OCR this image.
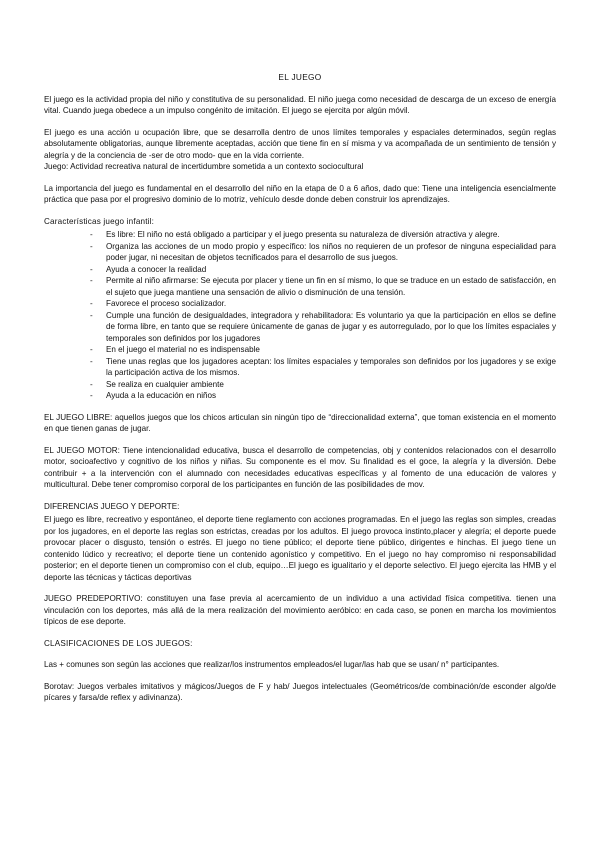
EL JUEGO

El juego es la actividad propia del niño y constitutiva de su personalidad. El niño juega como necesidad de descarga de un exceso de energía vital. Cuando juega obedece a un impulso congénito de imitación. El juego se ejercita por algún móvil.

El juego es una acción u ocupación libre, que se desarrolla dentro de unos límites temporales y espaciales determinados, según reglas absolutamente obligatorias, aunque libremente aceptadas, acción que tiene fin en sí misma y va acompañada de un sentimiento de tensión y alegría y de la conciencia de -ser de otro modo- que en la vida corriente.

Juego: Actividad recreativa natural de incertidumbre sometida a un contexto sociocultural

La importancia del juego es fundamental en el desarrollo del niño en la etapa de 0 a 6 años, dado que: Tiene una inteligencia esencialmente práctica que pasa por el progresivo dominio de lo motriz, vehículo desde donde deben construir los aprendizajes.

Características juego infantil:
- Es libre: El niño no está obligado a participar y el juego presenta su naturaleza de diversión atractiva y alegre.
- Organiza las acciones de un modo propio y específico: los niños no requieren de un profesor de ninguna especialidad para poder jugar, ni necesitan de objetos tecnificados para el desarrollo de sus juegos.
- Ayuda a conocer la realidad
- Permite al niño afirmarse: Se ejecuta por placer y tiene un fin en sí mismo, lo que se traduce en un estado de satisfacción, en el sujeto que juega mantiene una sensación de alivio o disminución de una tensión.
- Favorece el proceso socializador.
- Cumple una función de desigualdades, integradora y rehabilitadora: Es voluntario ya que la participación en ellos se define de forma libre, en tanto que se requiere únicamente de ganas de jugar y es autorregulado, por lo que los límites espaciales y temporales son definidos por los jugadores
- En el juego el material no es indispensable
- Tiene unas reglas que los jugadores aceptan: los límites espaciales y temporales son definidos por los jugadores y se exige la participación activa de los mismos.
- Se realiza en cualquier ambiente
- Ayuda a la educación en niños

EL JUEGO LIBRE: aquellos juegos que los chicos articulan sin ningún tipo de “direccionalidad externa”, que toman existencia en el momento en que tienen ganas de jugar.

EL JUEGO MOTOR: Tiene intencionalidad educativa, busca el desarrollo de competencias, obj y contenidos relacionados con el desarrollo motor, socioafectivo y cognitivo de los niños y niñas. Su componente es el mov. Su finalidad es el goce, la alegría y la diversión. Debe contribuir + a la intervención con el alumnado con necesidades educativas específicas y al fomento de una educación de valores y multicultural. Debe tener compromiso corporal de los participantes en función de las posibilidades de mov.

DIFERENCIAS JUEGO Y DEPORTE:

El juego es libre, recreativo y espontáneo, el deporte tiene reglamento con acciones programadas. En el juego las reglas son simples, creadas por los jugadores, en el deporte las reglas son estrictas, creadas por los adultos. El juego provoca instinto,placer y alegría; el deporte puede provocar placer o disgusto, tensión o estrés. El juego no tiene público; el deporte tiene público, dirigentes e hinchas. El juego tiene un contenido lúdico y recreativo; el deporte tiene un contenido agonístico y competitivo. En el juego no hay compromiso ni responsabilidad posterior; en el deporte tienen un compromiso con el club, equipo…El juego es igualitario y el deporte selectivo. El juego ejercita las HMB y el deporte las técnicas y tácticas deportivas

JUEGO PREDEPORTIVO: constituyen una fase previa al acercamiento de un individuo a una actividad física competitiva. tienen una vinculación con los deportes, más allá de la mera realización del movimiento aeróbico: en cada caso, se ponen en marcha los movimientos típicos de ese deporte.

CLASIFICACIONES DE LOS JUEGOS:

Las + comunes son según las acciones que realizar/los instrumentos empleados/el lugar/las hab que se usan/ n° participantes.

Borotav: Juegos verbales imitativos y mágicos/Juegos de F y hab/ Juegos intelectuales (Geométricos/de combinación/de esconder algo/de pícares y farsa/de reflex y adivinanza).
